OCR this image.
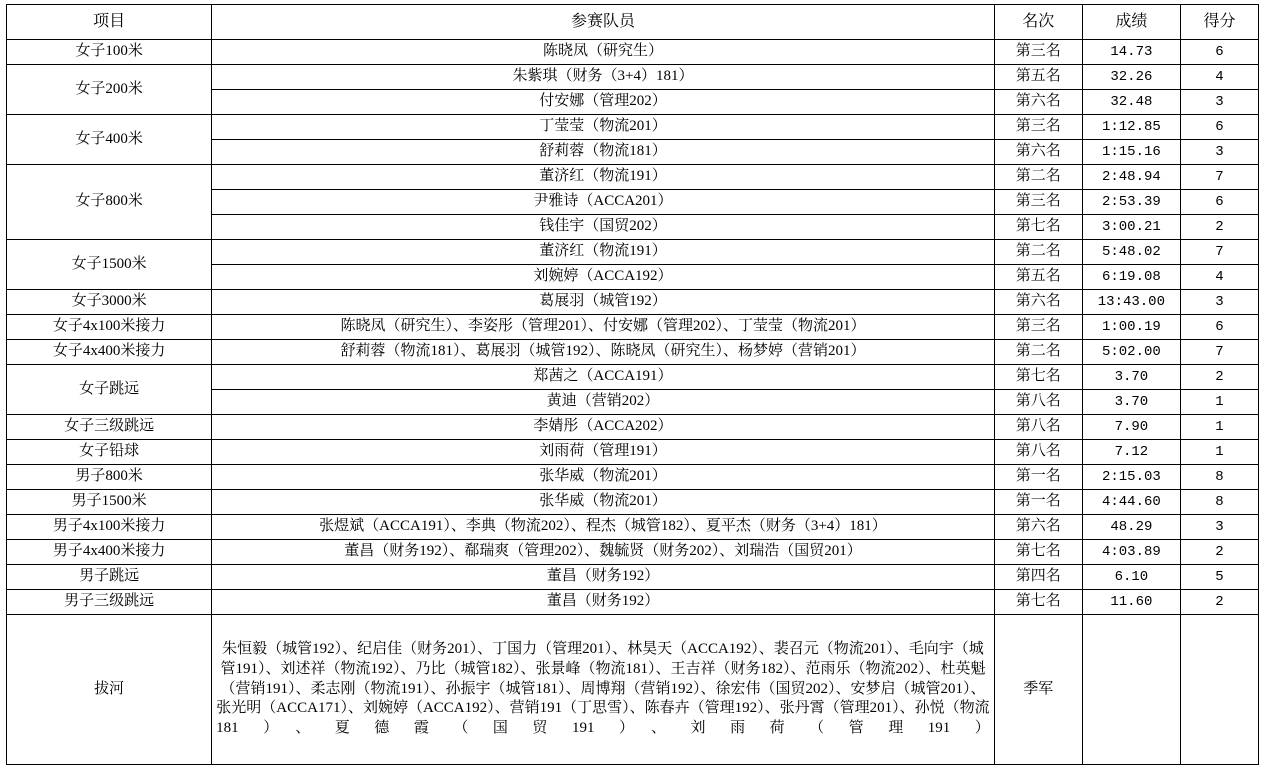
项目	参赛队员	名次	成绩	得分
女子100米	陈晓凤（研究生）	第三名	14.73	6
女子200米	朱紫琪（财务（3+4）181）	第五名	32.26	4
	付安娜（管理202）	第六名	32.48	3
女子400米	丁莹莹（物流201）	第三名	1:12.85	6
	舒莉蓉（物流181）	第六名	1:15.16	3
女子800米	董济红（物流191）	第二名	2:48.94	7
	尹雅诗（ACCA201）	第三名	2:53.39	6
	钱佳宇（国贸202）	第七名	3:00.21	2
女子1500米	董济红（物流191）	第二名	5:48.02	7
	刘婉婷（ACCA192）	第五名	6:19.08	4
女子3000米	葛展羽（城管192）	第六名	13:43.00	3
女子4x100米接力	陈晓凤（研究生）、李姿彤（管理201）、付安娜（管理202）、丁莹莹（物流201）	第三名	1:00.19	6
女子4x400米接力	舒莉蓉（物流181）、葛展羽（城管192）、陈晓凤（研究生）、杨梦婷（营销201）	第二名	5:02.00	7
女子跳远	郑茜之（ACCA191）	第七名	3.70	2
	黄迪（营销202）	第八名	3.70	1
女子三级跳远	李婧彤（ACCA202）	第八名	7.90	1
女子铅球	刘雨荷（管理191）	第八名	7.12	1
男子800米	张华威（物流201）	第一名	2:15.03	8
男子1500米	张华威（物流201）	第一名	4:44.60	8
男子4x100米接力	张煜斌（ACCA191）、李典（物流202）、程杰（城管182）、夏平杰（财务（3+4）181）	第六名	48.29	3
男子4x400米接力	董昌（财务192）、郗瑞爽（管理202）、魏毓贤（财务202）、刘瑞浩（国贸201）	第七名	4:03.89	2
男子跳远	董昌（财务192）	第四名	6.10	5
男子三级跳远	董昌（财务192）	第七名	11.60	2
拔河	朱恒毅（城管192）、纪启佳（财务201）、丁国力（管理201）、林昊天（ACCA192）、裴召元（物流201）、毛向宇（城管191）、刘述祥（物流192）、乃比（城管182）、张景峰（物流181）、王吉祥（财务182）、范雨乐（物流202）、杜英魁（营销191）、柔志刚（物流191）、孙振宇（城管181）、周博翔（营销192）、徐宏伟（国贸202）、安梦启（城管201）、张光明（ACCA171）、刘婉婷（ACCA192）、营销191（丁思雪）、陈春卉（管理192）、张丹霄（管理201）、孙悦（物流181）、夏德霞（国贸191）、刘雨荷（管理191）	季军		
